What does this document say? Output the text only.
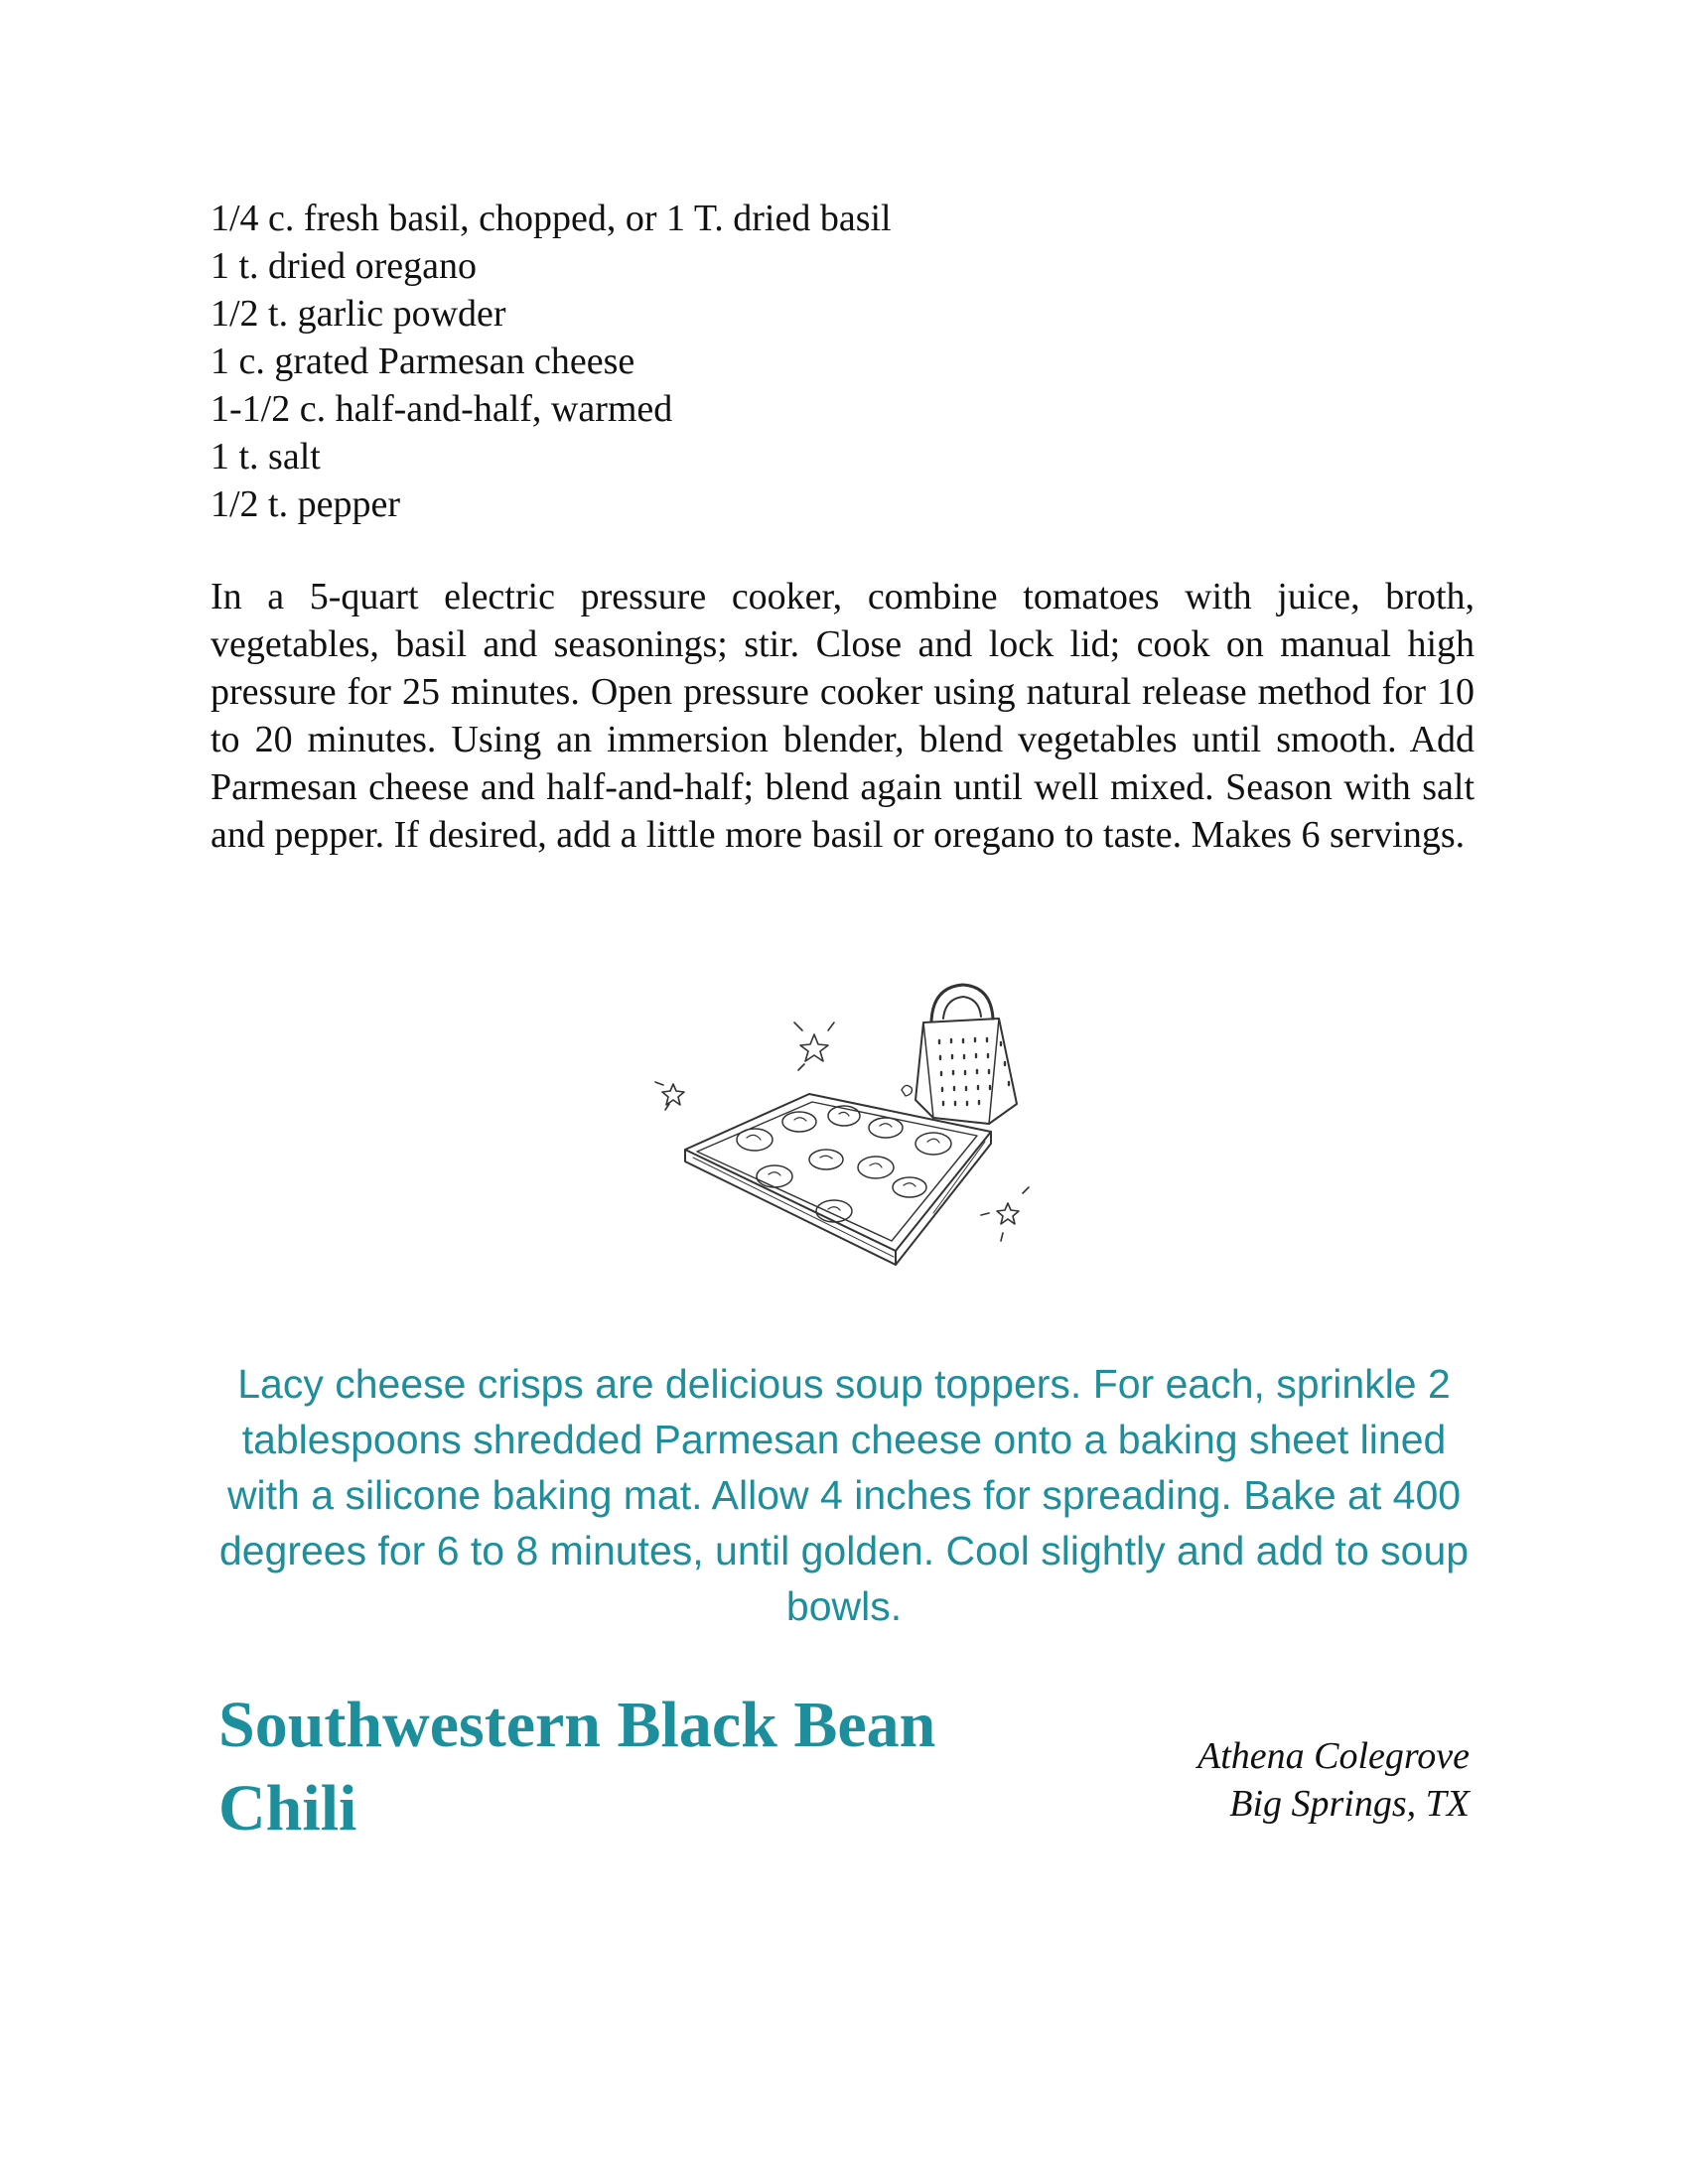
1/4 c. fresh basil, chopped, or 1 T. dried basil
1 t. dried oregano
1/2 t. garlic powder
1 c. grated Parmesan cheese
1-1/2 c. half-and-half, warmed
1 t. salt
1/2 t. pepper

In a 5-quart electric pressure cooker, combine tomatoes with juice, broth, vegetables, basil and seasonings; stir. Close and lock lid; cook on manual high pressure for 25 minutes. Open pressure cooker using natural release method for 10 to 20 minutes. Using an immersion blender, blend vegetables until smooth. Add Parmesan cheese and half-and-half; blend again until well mixed. Season with salt and pepper. If desired, add a little more basil or oregano to taste. Makes 6 servings.

Lacy cheese crisps are delicious soup toppers. For each, sprinkle 2 tablespoons shredded Parmesan cheese onto a baking sheet lined with a silicone baking mat. Allow 4 inches for spreading. Bake at 400 degrees for 6 to 8 minutes, until golden. Cool slightly and add to soup bowls.

Southwestern Black Bean Chili
Athena Colegrove
Big Springs, TX
